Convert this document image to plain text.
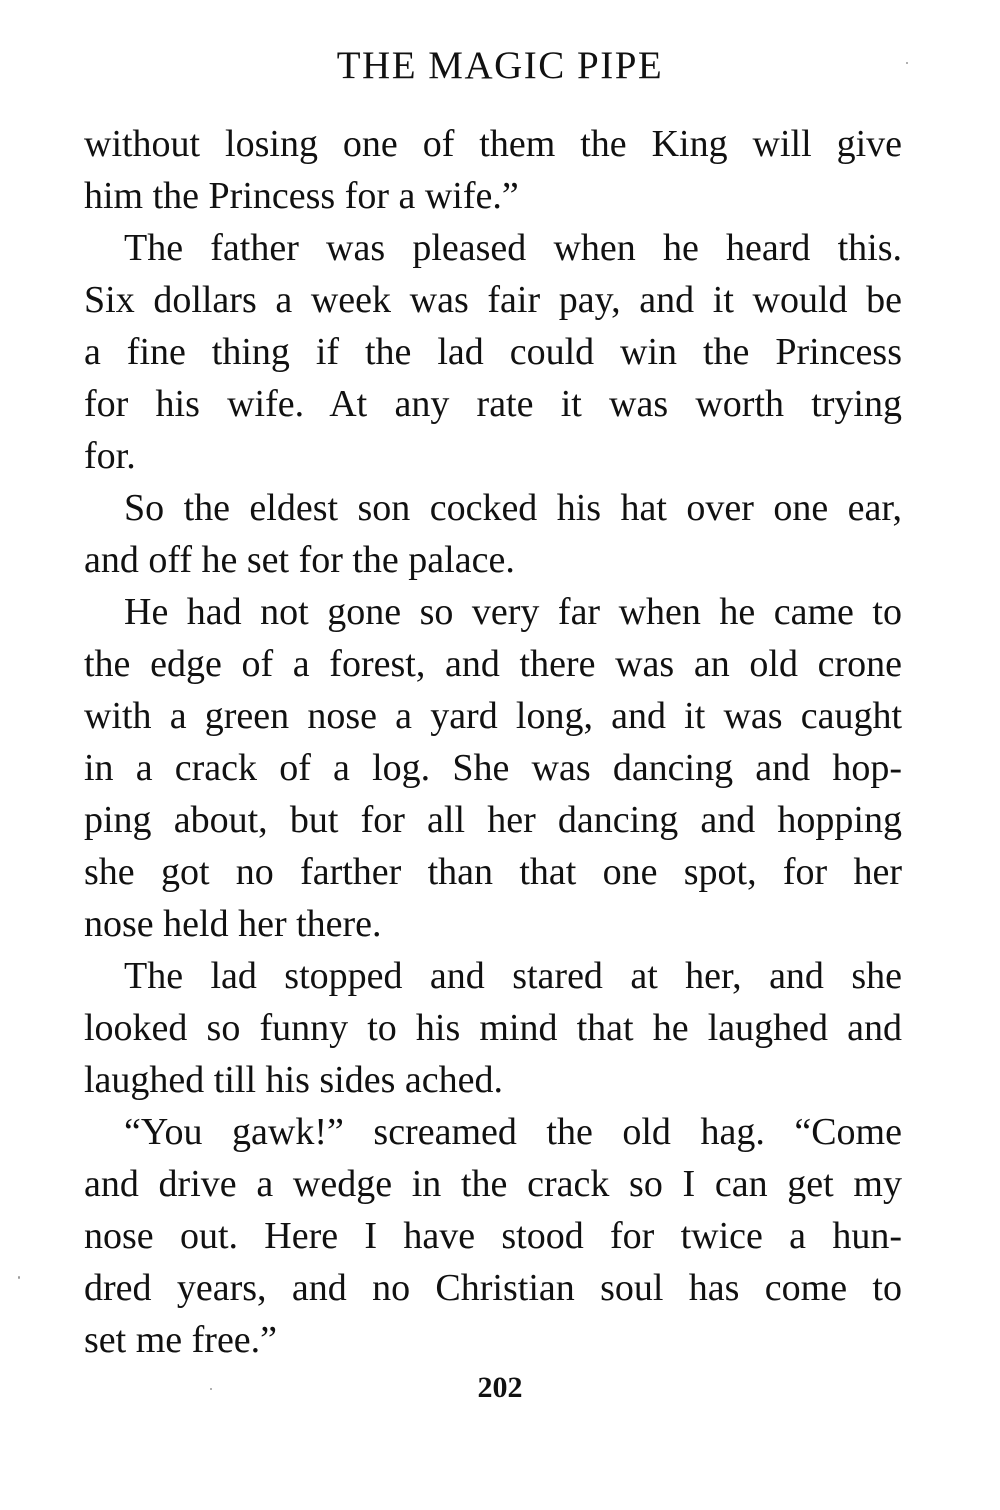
THE MAGIC PIPE
without losing one of them the King will give
him the Princess for a wife.”
The father was pleased when he heard this.
Six dollars a week was fair pay, and it would be
a fine thing if the lad could win the Princess
for his wife. At any rate it was worth trying
for.
So the eldest son cocked his hat over one ear,
and off he set for the palace.
He had not gone so very far when he came to
the edge of a forest, and there was an old crone
with a green nose a yard long, and it was caught
in a crack of a log. She was dancing and hop-
ping about, but for all her dancing and hopping
she got no farther than that one spot, for her
nose held her there.
The lad stopped and stared at her, and she
looked so funny to his mind that he laughed and
laughed till his sides ached.
“You gawk!” screamed the old hag. “Come
and drive a wedge in the crack so I can get my
nose out. Here I have stood for twice a hun-
dred years, and no Christian soul has come to
set me free.”
202
